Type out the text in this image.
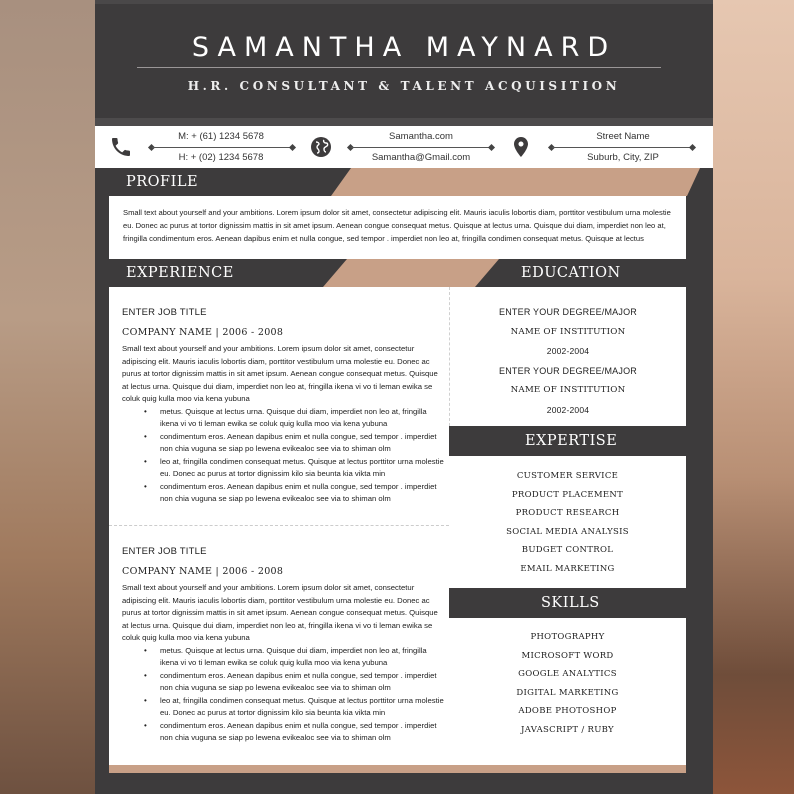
SAMANTHA MAYNARD
H.R. CONSULTANT & TALENT ACQUISITION
M: + (61) 1234 5678
H: + (02) 1234 5678
Samantha.com
Samantha@Gmail.com
Street Name
Suburb, City, ZIP
PROFILE
Small text about yourself and your ambitions. Lorem ipsum dolor sit amet, consectetur adipiscing elit. Mauris iaculis lobortis diam, porttitor vestibulum urna molestie eu. Donec ac purus at tortor dignissim mattis in sit amet ipsum. Aenean congue consequat metus. Quisque at lectus urna. Quisque dui diam, imperdiet non leo at, fringilla condimentum eros. Aenean dapibus enim et nulla congue, sed tempor . imperdiet non leo at, fringilla condimen consequat metus. Quisque at lectus
EXPERIENCE	EDUCATION
ENTER JOB TITLE
COMPANY NAME | 2006 - 2008
Small text about yourself and your ambitions. Lorem ipsum dolor sit amet, consectetur adipiscing elit. Mauris iaculis lobortis diam, porttitor vestibulum urna molestie eu. Donec ac purus at tortor dignissim mattis in sit amet ipsum. Aenean congue consequat metus. Quisque at lectus urna. Quisque dui diam, imperdiet non leo at, fringilla ikena vi vo ti leman ewika se coluk quig kulla moo via kena yubuna
• metus. Quisque at lectus urna. Quisque dui diam, imperdiet non leo at, fringilla ikena vi vo ti leman ewika se coluk quig kulla moo via kena yubuna
• condimentum eros. Aenean dapibus enim et nulla congue, sed tempor . imperdiet non chia vuguna se siap po lewena evikealoc see via to shiman olm
• leo at, fringilla condimen consequat metus. Quisque at lectus porttitor urna molestie eu. Donec ac purus at tortor dignissim kilo sia beunta kia vikta min
• condimentum eros. Aenean dapibus enim et nulla congue, sed tempor . imperdiet non chia vuguna se siap po lewena evikealoc see via to shiman olm
ENTER JOB TITLE
COMPANY NAME | 2006 - 2008
Small text about yourself and your ambitions. Lorem ipsum dolor sit amet, consectetur adipiscing elit. Mauris iaculis lobortis diam, porttitor vestibulum urna molestie eu. Donec ac purus at tortor dignissim mattis in sit amet ipsum. Aenean congue consequat metus. Quisque at lectus urna. Quisque dui diam, imperdiet non leo at, fringilla ikena vi vo ti leman ewika se coluk quig kulla moo via kena yubuna
• metus. Quisque at lectus urna. Quisque dui diam, imperdiet non leo at, fringilla ikena vi vo ti leman ewika se coluk quig kulla moo via kena yubuna
• condimentum eros. Aenean dapibus enim et nulla congue, sed tempor . imperdiet non chia vuguna se siap po lewena evikealoc see via to shiman olm
• leo at, fringilla condimen consequat metus. Quisque at lectus porttitor urna molestie eu. Donec ac purus at tortor dignissim kilo sia beunta kia vikta min
• condimentum eros. Aenean dapibus enim et nulla congue, sed tempor . imperdiet non chia vuguna se siap po lewena evikealoc see via to shiman olm
ENTER YOUR DEGREE/MAJOR
NAME OF INSTITUTION
2002-2004
ENTER YOUR DEGREE/MAJOR
NAME OF INSTITUTION
2002-2004
EXPERTISE
CUSTOMER SERVICE
PRODUCT PLACEMENT
PRODUCT RESEARCH
SOCIAL MEDIA ANALYSIS
BUDGET CONTROL
EMAIL MARKETING
SKILLS
PHOTOGRAPHY
MICROSOFT WORD
GOOGLE ANALYTICS
DIGITAL MARKETING
ADOBE PHOTOSHOP
JAVASCRIPT / RUBY
